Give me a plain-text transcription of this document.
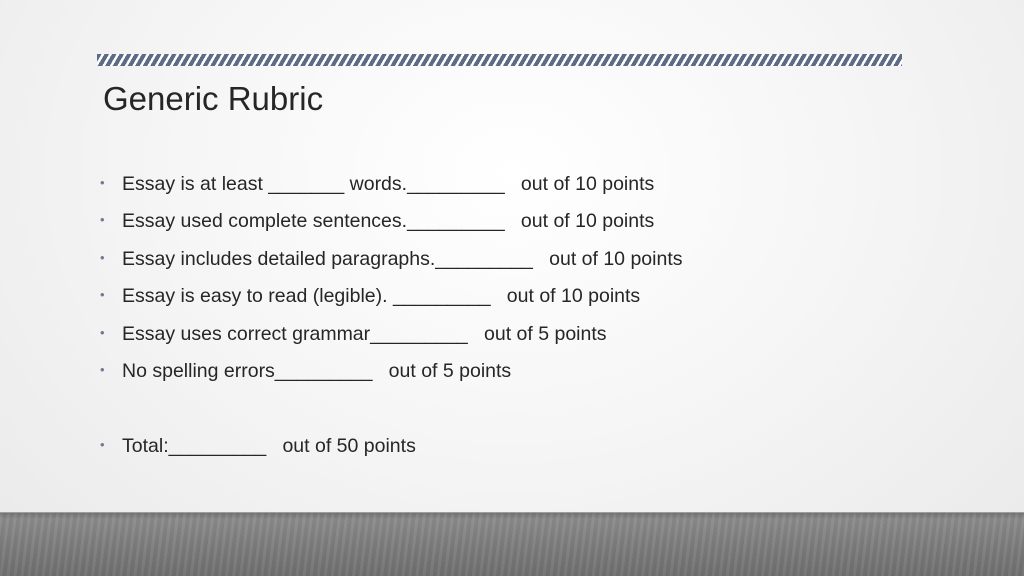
Generic Rubric
• Essay is at least _______ words._________   out of 10 points
• Essay used complete sentences._________   out of 10 points
• Essay includes detailed paragraphs._________   out of 10 points
• Essay is easy to read (legible). _________   out of 10 points
• Essay uses correct grammar_________   out of 5 points
• No spelling errors_________   out of 5 points
• Total:_________   out of 50 points
